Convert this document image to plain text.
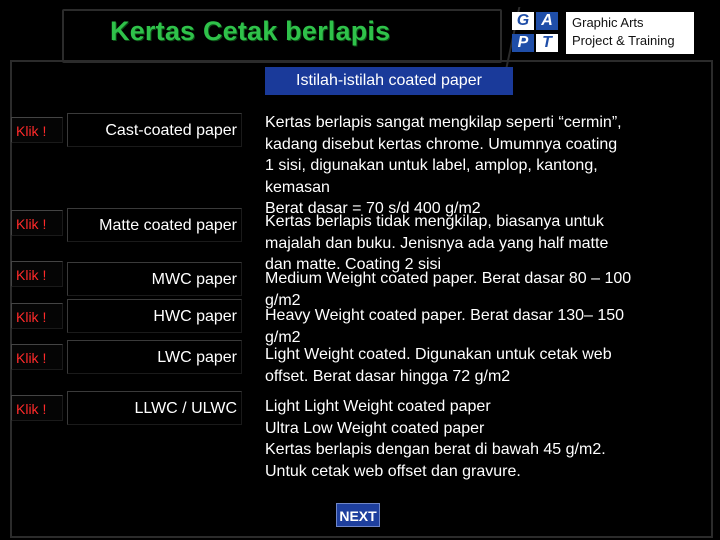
Kertas Cetak berlapis	G A
P T
Graphic Arts
Project & Training
Istilah-istilah coated paper
Klik !	Cast-coated paper	Kertas berlapis sangat mengkilap seperti “cermin”,
kadang disebut kertas chrome. Umumnya coating
1 sisi, digunakan untuk label, amplop, kantong,
kemasan
Berat dasar = 70 s/d 400 g/m2
Klik !	Matte coated paper	Kertas berlapis tidak mengkilap, biasanya untuk
majalah dan buku. Jenisnya ada yang half matte
dan matte. Coating 2 sisi
Klik !	MWC paper	Medium Weight coated paper. Berat dasar 80 – 100
g/m2
Klik !	HWC paper	Heavy Weight coated paper. Berat dasar 130– 150
g/m2
Klik !	LWC paper	Light Weight coated. Digunakan untuk cetak web
offset. Berat dasar hingga 72 g/m2
Klik !	LLWC / ULWC	Light Light Weight coated paper
Ultra Low Weight coated paper
Kertas berlapis dengan berat di bawah 45 g/m2.
Untuk cetak web offset dan gravure.
NEXT
